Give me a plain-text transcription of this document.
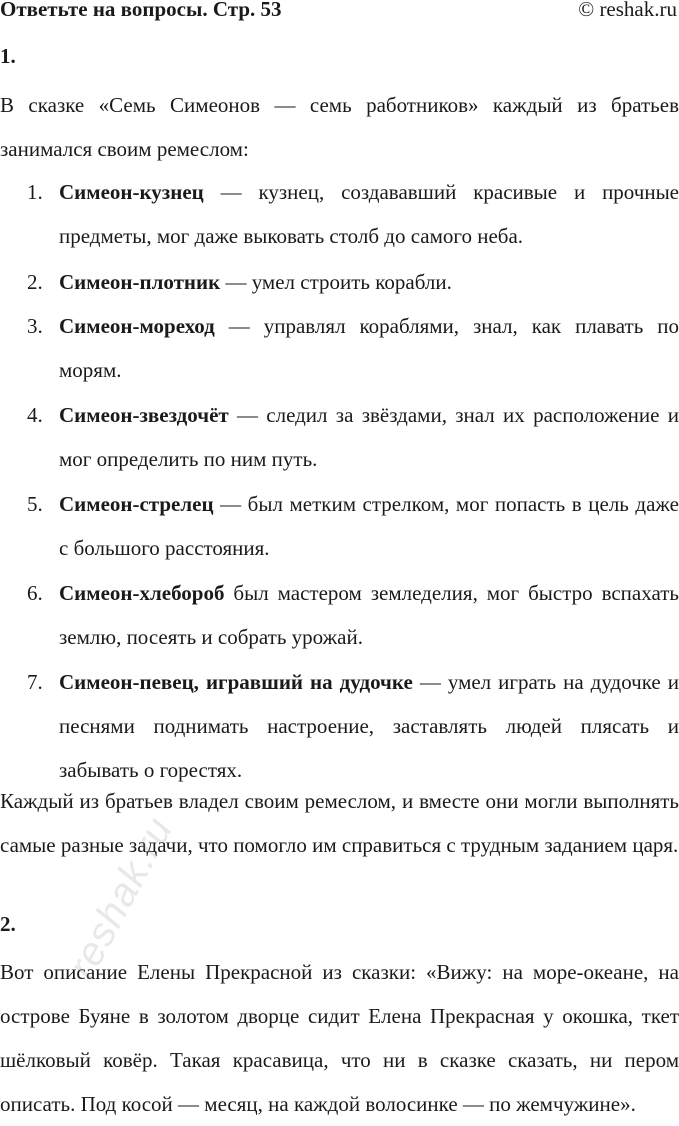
Ответьте на вопросы. Стр. 53	© reshak.ru
1.

В сказке «Семь Симеонов — семь работников» каждый из братьев занимался своим ремеслом:

1. Симеон-кузнец — кузнец, создававший красивые и прочные предметы, мог даже выковать столб до самого неба.
2. Симеон-плотник — умел строить корабли.
3. Симеон-мореход — управлял кораблями, знал, как плавать по морям.
4. Симеон-звездочёт — следил за звёздами, знал их расположение и мог определить по ним путь.
5. Симеон-стрелец — был метким стрелком, мог попасть в цель даже с большого расстояния.
6. Симеон-хлебороб был мастером земледелия, мог быстро вспахать землю, посеять и собрать урожай.
7. Симеон-певец, игравший на дудочке — умел играть на дудочке и песнями поднимать настроение, заставлять людей плясать и забывать о горестях.

Каждый из братьев владел своим ремеслом, и вместе они могли выполнять самые разные задачи, что помогло им справиться с трудным заданием царя.

2.

Вот описание Елены Прекрасной из сказки: «Вижу: на море-океане, на острове Буяне в золотом дворце сидит Елена Прекрасная у окошка, ткет шёлковый ковёр. Такая красавица, что ни в сказке сказать, ни пером описать. Под косой — месяц, на каждой волосинке — по жемчужине».

reshak.ru
